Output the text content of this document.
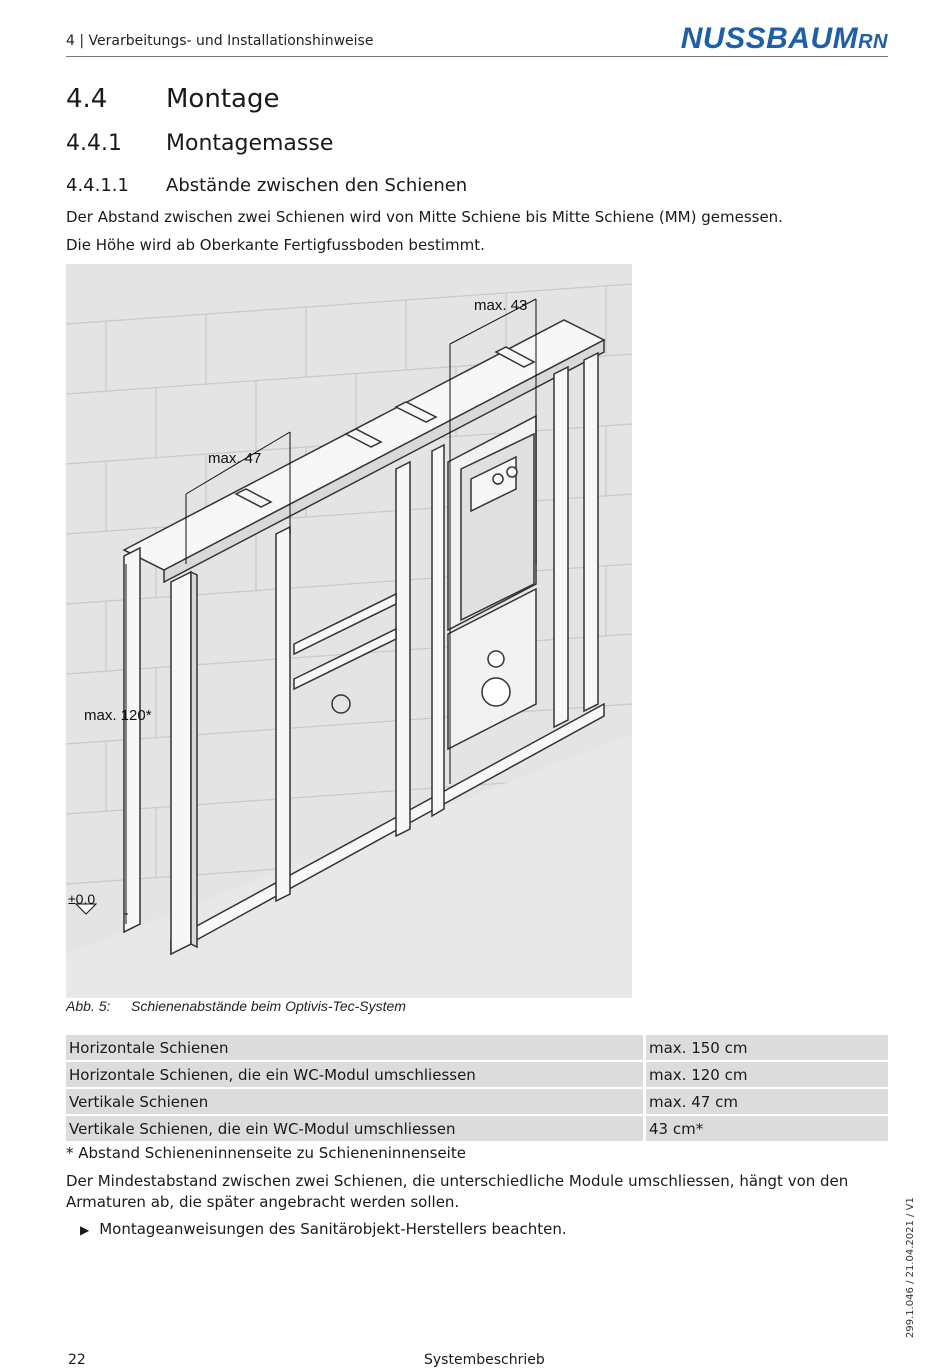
4 | Verarbeitungs- und Installationshinweise	NUSSBAUMRN
4.4 Montage
4.4.1 Montagemasse
4.4.1.1 Abstände zwischen den Schienen
Der Abstand zwischen zwei Schienen wird von Mitte Schiene bis Mitte Schiene (MM) gemessen.
Die Höhe wird ab Oberkante Fertigfussboden bestimmt.
max. 43
max. 47
max. 120*
±0.0
Abb. 5: Schienenabstände beim Optivis-Tec-System
Horizontale Schienen	max. 150 cm
Horizontale Schienen, die ein WC-Modul umschliessen	max. 120 cm
Vertikale Schienen	max. 47 cm
Vertikale Schienen, die ein WC-Modul umschliessen	43 cm*
* Abstand Schieneninnenseite zu Schieneninnenseite
Der Mindestabstand zwischen zwei Schienen, die unterschiedliche Module umschliessen, hängt von den Armaturen ab, die später angebracht werden sollen.
▶ Montageanweisungen des Sanitärobjekt-Herstellers beachten.	299.1.046 / 21.04.2021 / V1
22	Systembeschrieb
